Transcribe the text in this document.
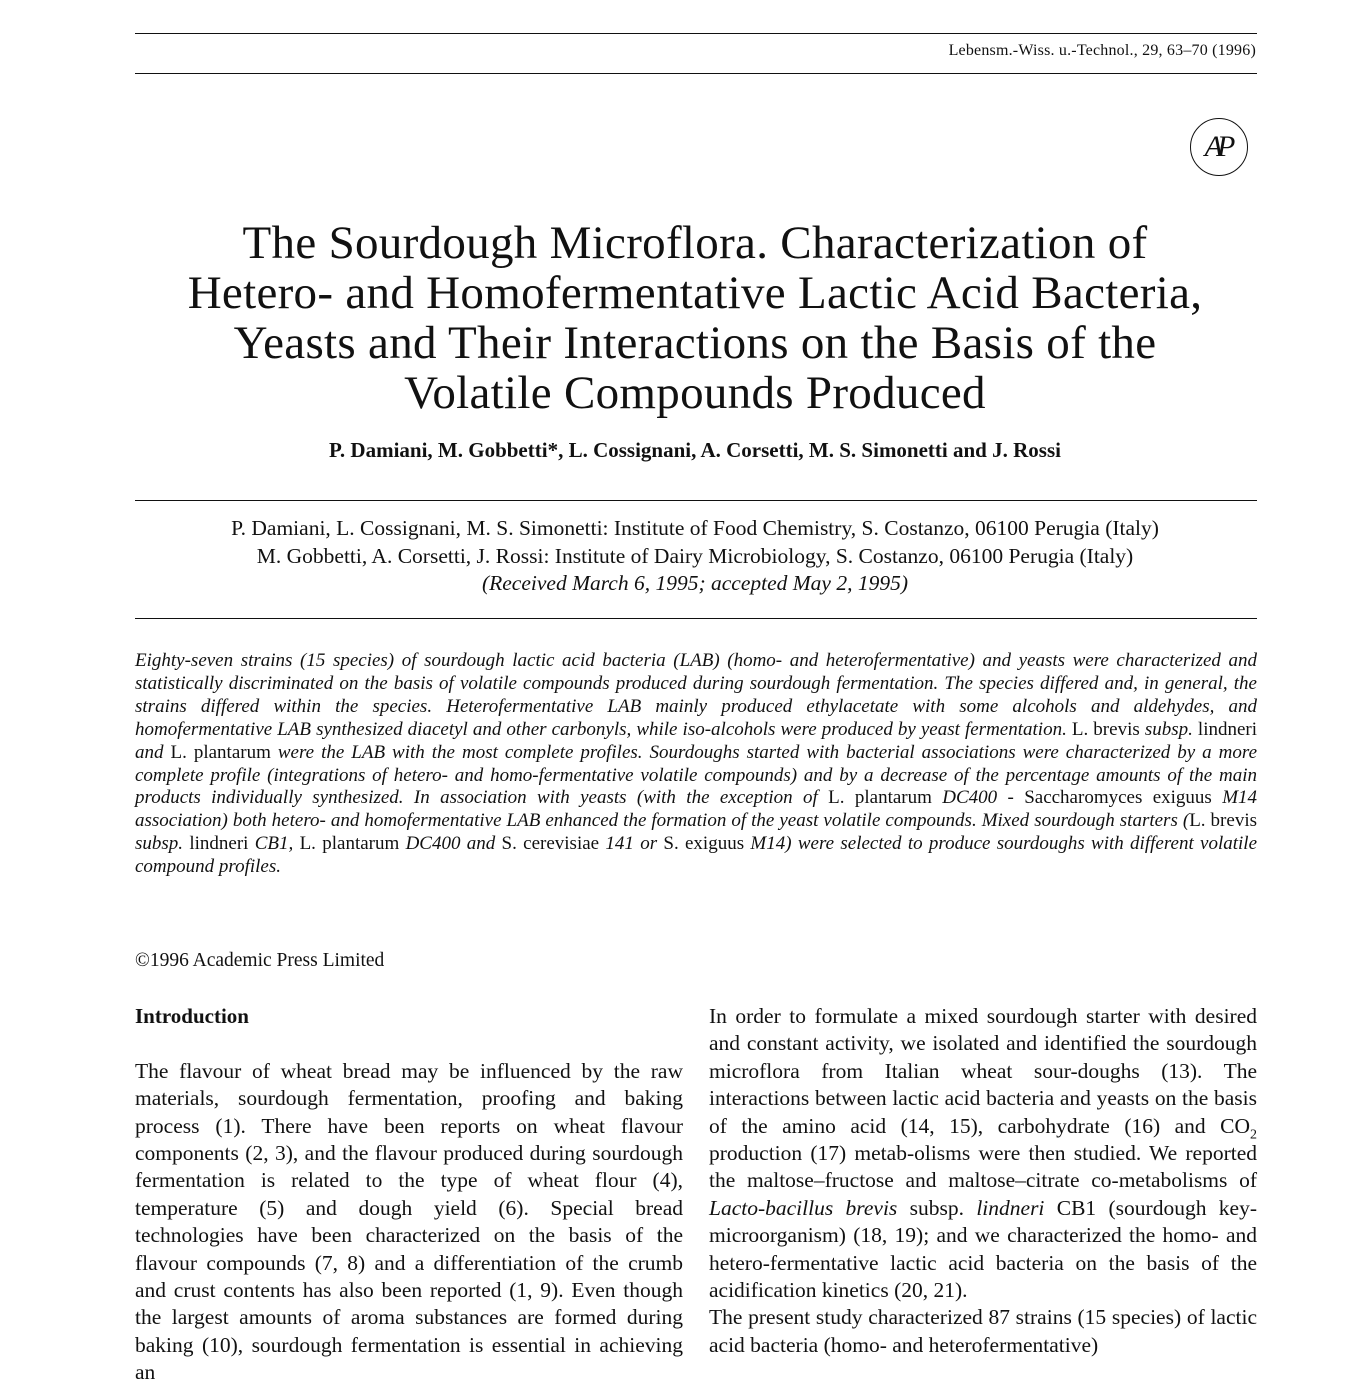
Lebensm.-Wiss. u.-Technol., 29, 63–70 (1996)
AP
The Sourdough Microflora. Characterization of
Hetero- and Homofermentative Lactic Acid Bacteria,
Yeasts and Their Interactions on the Basis of the
Volatile Compounds Produced

P. Damiani, M. Gobbetti*, L. Cossignani, A. Corsetti, M. S. Simonetti and J. Rossi

P. Damiani, L. Cossignani, M. S. Simonetti: Institute of Food Chemistry, S. Costanzo, 06100 Perugia (Italy)
M. Gobbetti, A. Corsetti, J. Rossi: Institute of Dairy Microbiology, S. Costanzo, 06100 Perugia (Italy)
(Received March 6, 1995; accepted May 2, 1995)

Eighty-seven strains (15 species) of sourdough lactic acid bacteria (LAB) (homo- and heterofermentative) and yeasts were characterized and statistically discriminated on the basis of volatile compounds produced during sourdough fermentation. The species differed and, in general, the strains differed within the species. Heterofermentative LAB mainly produced ethylacetate with some alcohols and aldehydes, and homofermentative LAB synthesized diacetyl and other carbonyls, while iso-alcohols were produced by yeast fermentation. L. brevis subsp. lindneri and L. plantarum were the LAB with the most complete profiles. Sourdoughs started with bacterial associations were characterized by a more complete profile (integrations of hetero- and homo-fermentative volatile compounds) and by a decrease of the percentage amounts of the main products individually synthesized. In association with yeasts (with the exception of L. plantarum DC400 - Saccharomyces exiguus M14 association) both hetero- and homofermentative LAB enhanced the formation of the yeast volatile compounds. Mixed sourdough starters (L. brevis subsp. lindneri CB1, L. plantarum DC400 and S. cerevisiae 141 or S. exiguus M14) were selected to produce sourdoughs with different volatile compound profiles.

©1996 Academic Press Limited
Introduction

The flavour of wheat bread may be influenced by the raw materials, sourdough fermentation, proofing and baking process (1). There have been reports on wheat flavour components (2, 3), and the flavour produced during sourdough fermentation is related to the type of wheat flour (4), temperature (5) and dough yield (6). Special bread technologies have been characterized on the basis of the flavour compounds (7, 8) and a differentiation of the crumb and crust contents has also been reported (1, 9). Even though the largest amounts of aroma substances are formed during baking (10), sourdough fermentation is essential in achieving an

In order to formulate a mixed sourdough starter with desired and constant activity, we isolated and identified the sourdough microflora from Italian wheat sour-doughs (13). The interactions between lactic acid bacteria and yeasts on the basis of the amino acid (14, 15), carbohydrate (16) and $CO_2$ production (17) metab-olisms were then studied. We reported the maltose–fructose and maltose–citrate co-metabolisms of Lacto-bacillus brevis subsp. lindneri CB1 (sourdough key-microorganism) (18, 19); and we characterized the homo- and hetero-fermentative lactic acid bacteria on the basis of the acidification kinetics (20, 21).

The present study characterized 87 strains (15 species) of lactic acid bacteria (homo- and heterofermentative)
